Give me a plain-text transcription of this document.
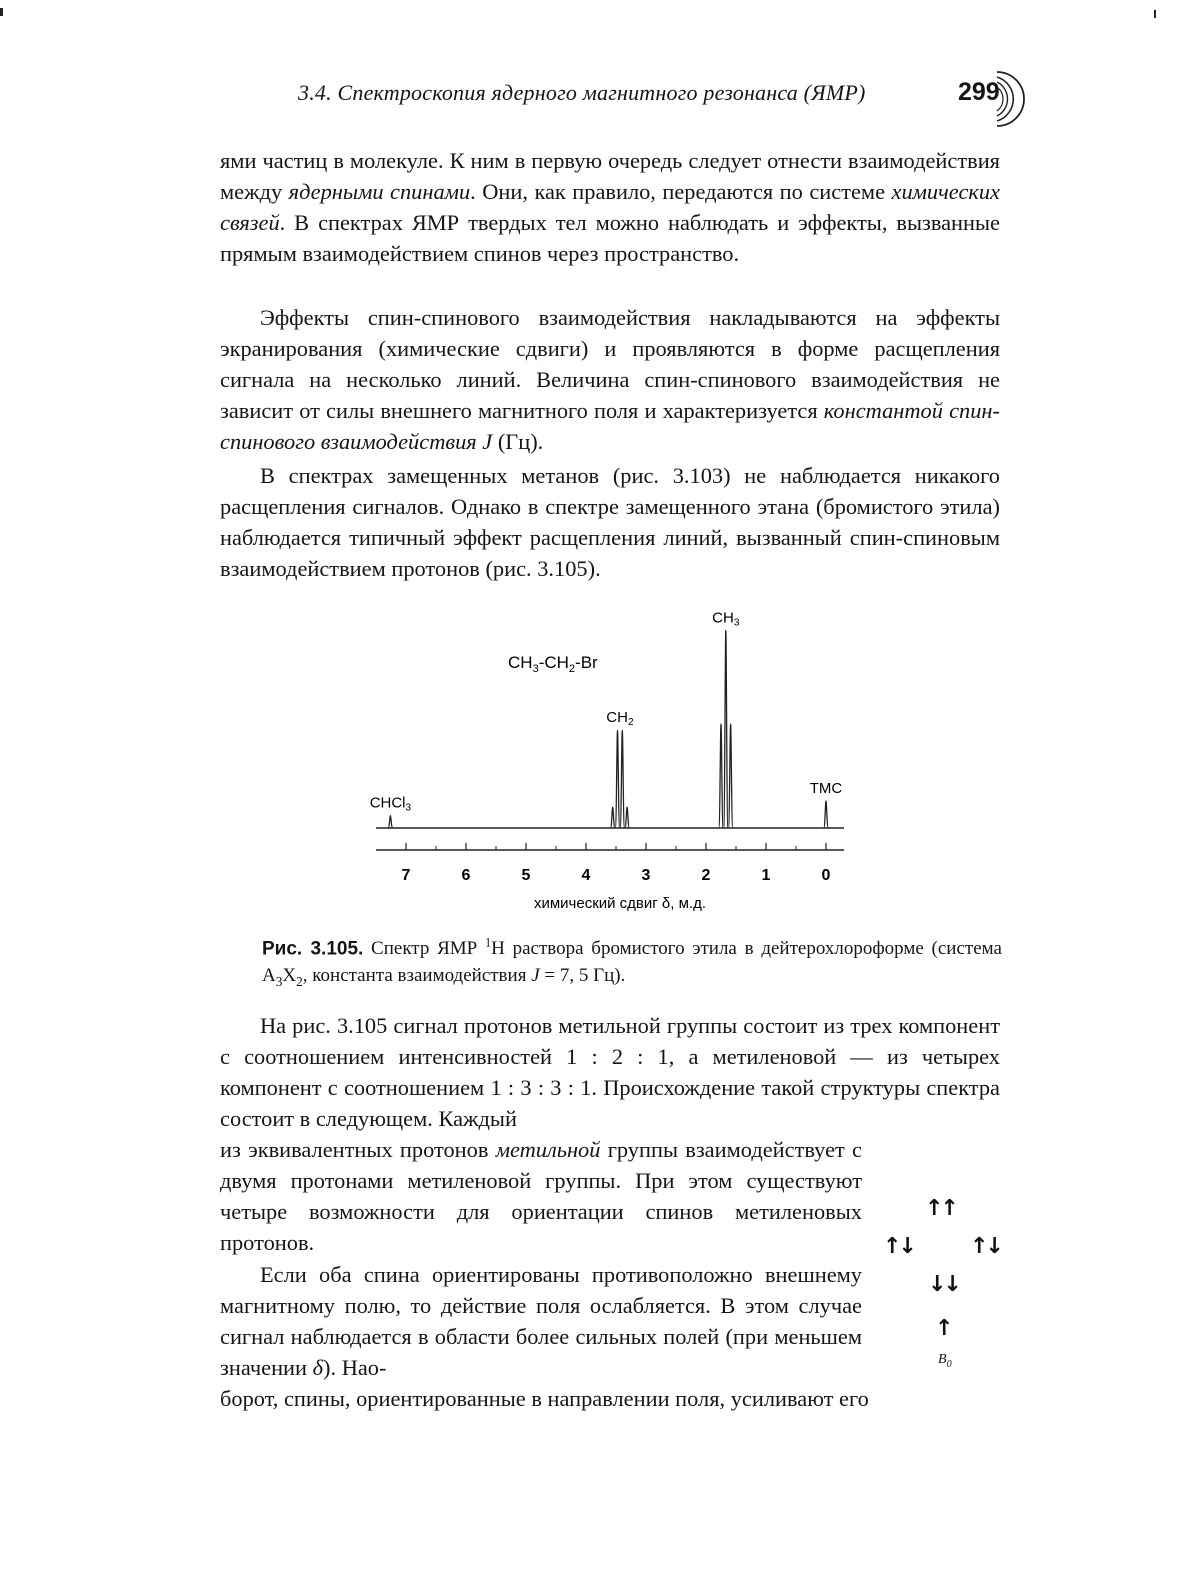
3.4. Спектроскопия ядерного магнитного резонанса (ЯМР)	299

ями частиц в молекуле. К ним в первую очередь следует отнести взаимодействия между ядерными спинами. Они, как правило, передаются по системе химических связей. В спектрах ЯМР твердых тел можно наблюдать и эффекты, вызванные прямым взаимодействием спинов через пространство.

Эффекты спин-спинового взаимодействия накладываются на эффекты экранирования (химические сдвиги) и проявляются в форме расщепления сигнала на несколько линий. Величина спин-спинового взаимодействия не зависит от силы внешнего магнитного поля и характеризуется константой спин-спинового взаимодействия J (Гц).

В спектрах замещенных метанов (рис. 3.103) не наблюдается никакого расщепления сигналов. Однако в спектре замещенного этана (бромистого этила) наблюдается типичный эффект расщепления линий, вызванный спин-спиновым взаимодействием протонов (рис. 3.105).

7	6	5	4	3	2	1	0
CHCl$_3$
$CH_2$
$CH_3$
TMC
$CH_3-CH_2-Br$
химический сдвиг δ, м.д.

Рис. 3.105. Спектр ЯМР $^1$H раствора бромистого этила в дейтерохлороформе (система $A_3X_2$, константа взаимодействия J = 7, 5 Гц).

На рис. 3.105 сигнал протонов метильной группы состоит из трех компонент с соотношением интенсивностей 1 : 2 : 1, а метиленовой — из четырех компонент с соотношением 1 : 3 : 3 : 1. Происхождение такой структуры спектра состоит в следующем. Каждый

из эквивалентных протонов метильной группы взаимодействует с двумя протонами метиленовой группы. При этом существуют четыре возможности для ориентации спинов метиленовых протонов.

Если оба спина ориентированы противоположно внешнему магнитному полю, то действие поля ослабляется. В этом случае сигнал наблюдается в области более сильных полей (при меньшем значении δ). Нао-

борот, спины, ориентированные в направлении поля, усиливают его

↑↑
↑↓	↑↓
↓↓
↑
$B_0$
